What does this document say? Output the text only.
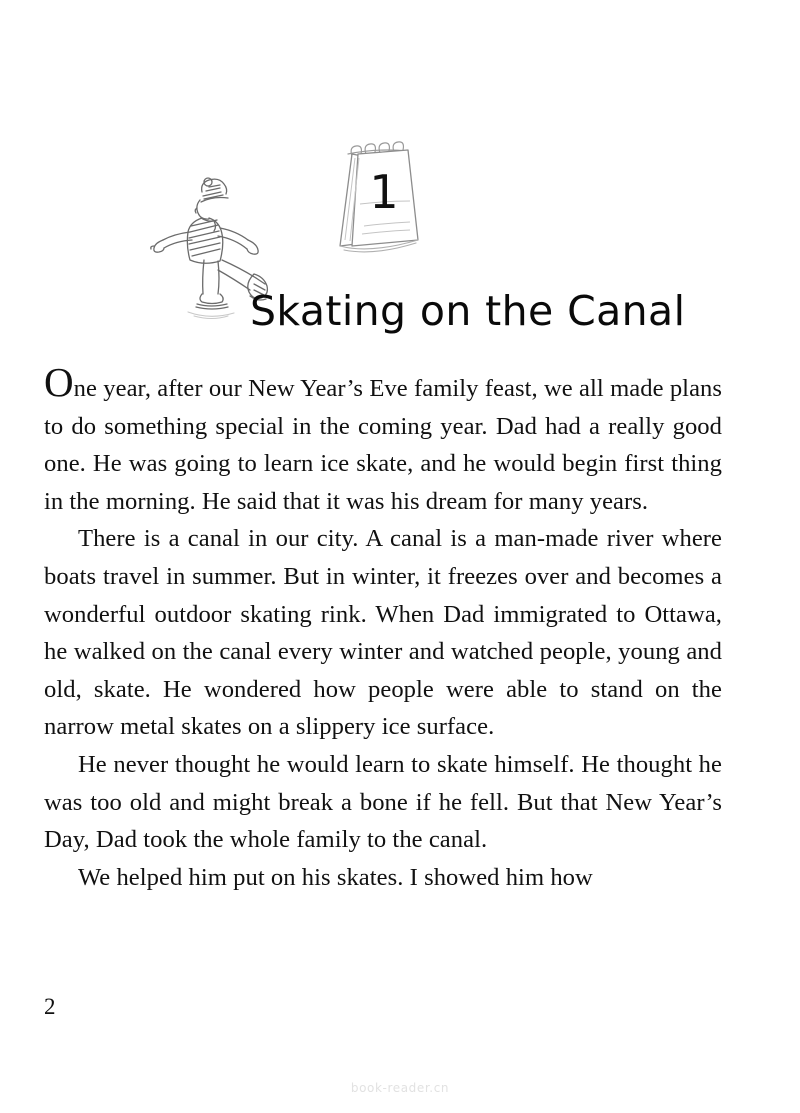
1
Skating on the Canal

One year, after our New Year’s Eve family feast, we all made plans to do something special in the coming year. Dad had a really good one. He was going to learn ice skate, and he would begin first thing in the morning. He said that it was his dream for many years.

There is a canal in our city. A canal is a man-made river where boats travel in summer. But in winter, it freezes over and becomes a wonderful outdoor skating rink. When Dad immigrated to Ottawa, he walked on the canal every winter and watched people, young and old, skate. He wondered how people were able to stand on the narrow metal skates on a slippery ice surface.

He never thought he would learn to skate himself. He thought he was too old and might break a bone if he fell. But that New Year’s Day, Dad took the whole family to the canal.

We helped him put on his skates. I showed him how

2
book-reader.cn
